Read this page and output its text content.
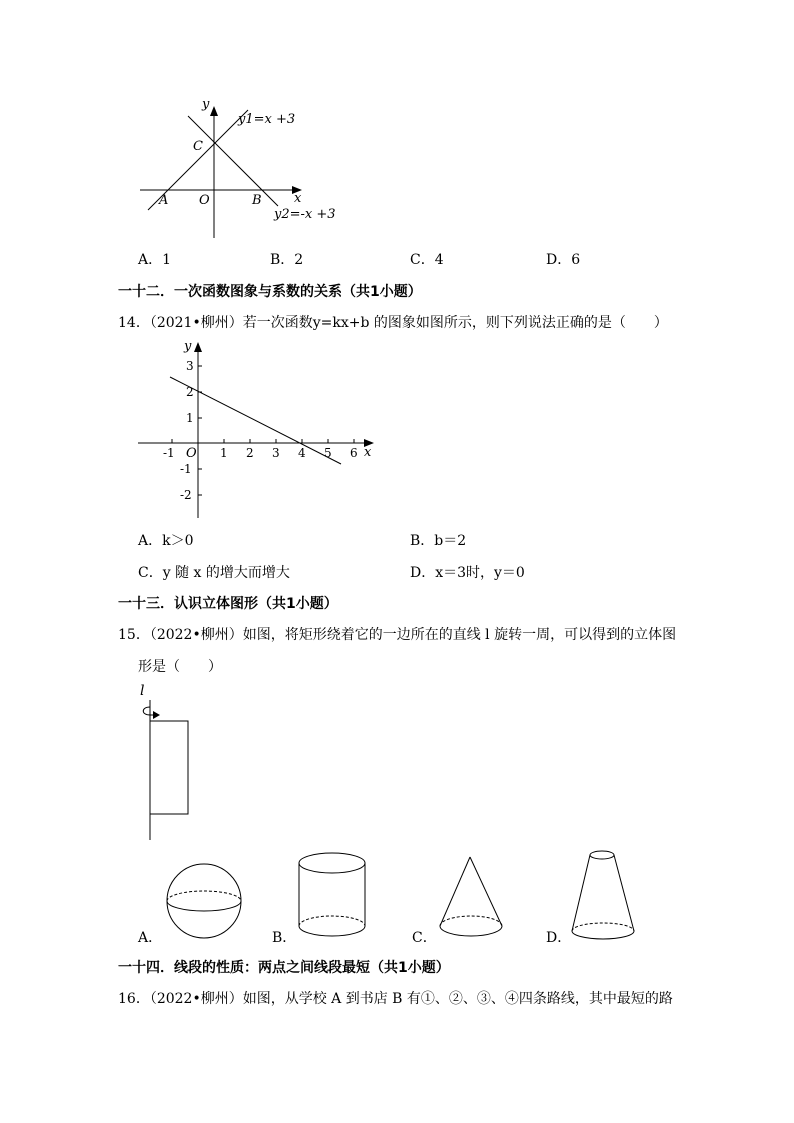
y
x
O
A	B
C
y1=x +3
y2=-x +3
A．1	B．2	C．4	D．6
一十二．一次函数图象与系数的关系（共1小题）
14．（2021•柳州）若一次函数y=kx+b 的图象如图所示，则下列说法正确的是（　　）
y
x
O
-1	1 2 3 4 5 6
3
2
1
-1
-2
A．k＞0	B．b＝2
C．y 随 x 的增大而增大	D．x＝3时，y＝0
一十三．认识立体图形（共1小题）
15．（2022•柳州）如图，将矩形绕着它的一边所在的直线 l 旋转一周，可以得到的立体图
形是（　　）
l
A．	B．	C．	D．
一十四．线段的性质：两点之间线段最短（共1小题）
16．（2022•柳州）如图，从学校 A 到书店 B 有①、②、③、④四条路线，其中最短的路
